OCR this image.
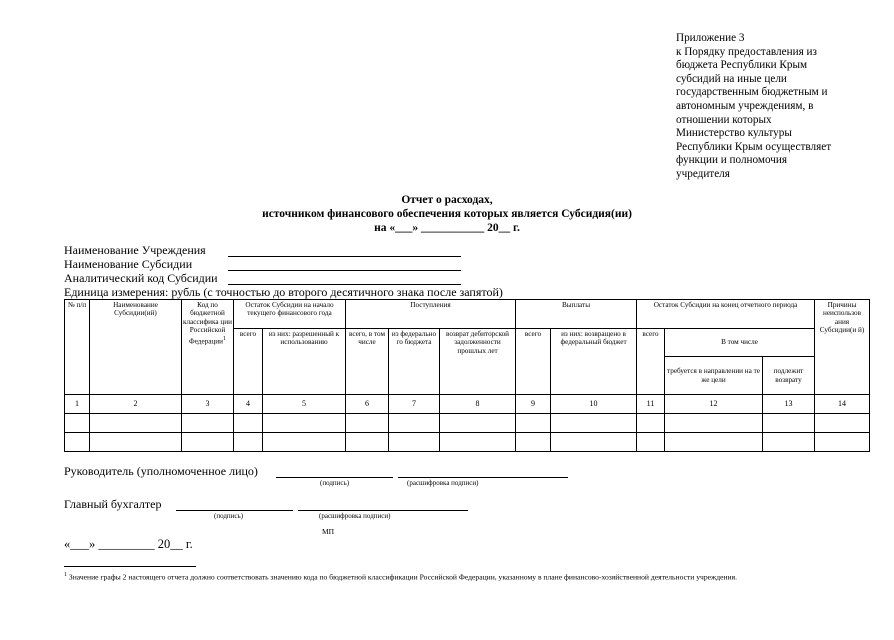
Приложение 3
к Порядку предоставления из
бюджета Республики Крым
субсидий на иные цели
государственным бюджетным и
автономным учреждениям, в
отношении которых
Министерство культуры
Республики Крым осуществляет
функции и полномочия
учредителя
Отчет о расходах,
источником финансового обеспечения которых является Субсидия(ии)
на «___» ___________ 20__ г.
Наименование Учреждения
Наименование Субсидии
Аналитический код Субсидии
Единица измерения: рубль (с точностью до второго десятичного знака после запятой)
№ п/п	Наименование Субсидии(ий)	Код по бюджетной классифика ции Российской Федерации$^1$	Остаток Субсидии на начало текущего финансового года		Поступления			Выплаты		Остаток Субсидии на конец отчетного периода			Причины неиспользов ания Субсидии(и й)
			всего	из них: разрешенный к использованию	всего, в том числе	из федерально го бюджета	возврат дебиторской задолженности прошлых лет	всего	из них: возвращено в федеральный бюджет	всего	В том числе		
											требуется в направлении на те же цели	подлежит возврату	
1	2	3	4	5	6	7	8	9	10	11	12	13	14

Руководитель (уполномоченное лицо)
(подпись)	(расшифровка подписи)
Главный бухгалтер
(подпись)	(расшифровка подписи)
МП
«___» _________ 20__ г.
$^1$ Значение графы 2 настоящего отчета должно соответствовать значению кода по бюджетной классификации Российской Федерации, указанному в плане финансово-хозяйственной деятельности учреждения.
